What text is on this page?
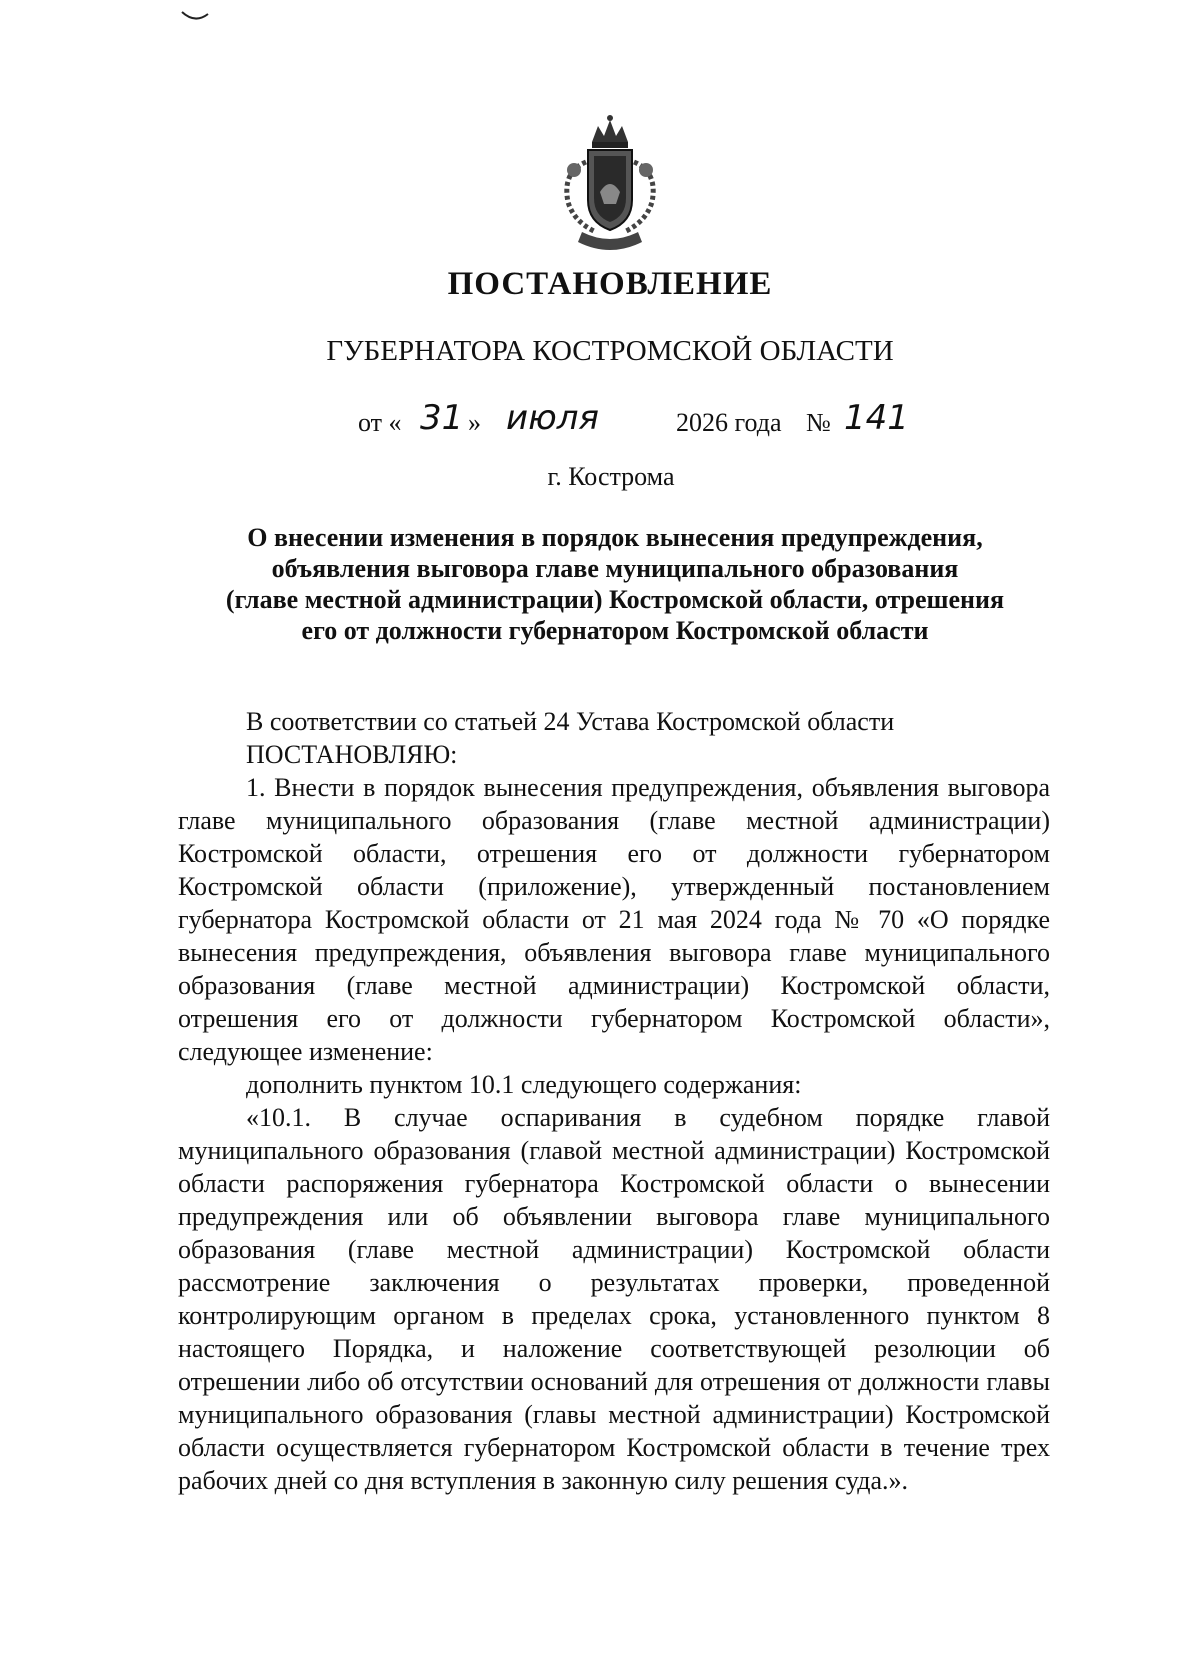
ПОСТАНОВЛЕНИЕ
ГУБЕРНАТОРА КОСТРОМСКОЙ ОБЛАСТИ
от « 31 » июля	2026 года № 141
г. Кострома
О внесении изменения в порядок вынесения предупреждения,
объявления выговора главе муниципального образования
(главе местной администрации) Костромской области, отрешения
его от должности губернатором Костромской области

В соответствии со статьей 24 Устава Костромской области

ПОСТАНОВЛЯЮ:

1. Внести в порядок вынесения предупреждения, объявления выговора главе муниципального образования (главе местной администрации) Костромской области, отрешения его от должности губернатором Костромской области (приложение), утвержденный постановлением губернатора Костромской области от 21 мая 2024 года № 70 «О порядке вынесения предупреждения, объявления выговора главе муниципального образования (главе местной администрации) Костромской области, отрешения его от должности губернатором Костромской области», следующее изменение:

дополнить пунктом 10.1 следующего содержания:

«10.1. В случае оспаривания в судебном порядке главой муниципального образования (главой местной администрации) Костромской области распоряжения губернатора Костромской области о вынесении предупреждения или об объявлении выговора главе муниципального образования (главе местной администрации) Костромской области рассмотрение заключения о результатах проверки, проведенной контролирующим органом в пределах срока, установленного пунктом 8 настоящего Порядка, и наложение соответствующей резолюции об отрешении либо об отсутствии оснований для отрешения от должности главы муниципального образования (главы местной администрации) Костромской области осуществляется губернатором Костромской области в течение трех рабочих дней со дня вступления в законную силу решения суда.».
